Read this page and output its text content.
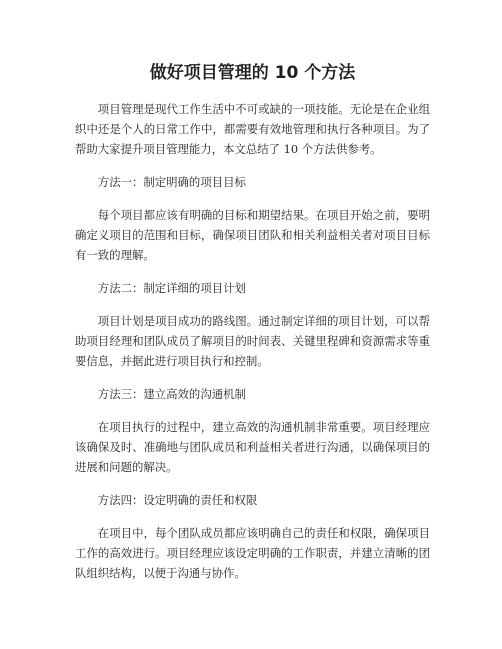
做好项目管理的 10 个方法

项目管理是现代工作生活中不可或缺的一项技能。无论是在企业组织中还是个人的日常工作中，都需要有效地管理和执行各种项目。为了帮助大家提升项目管理能力，本文总结了 10 个方法供参考。

方法一：制定明确的项目目标

每个项目都应该有明确的目标和期望结果。在项目开始之前，要明确定义项目的范围和目标，确保项目团队和相关利益相关者对项目目标有一致的理解。

方法二：制定详细的项目计划

项目计划是项目成功的路线图。通过制定详细的项目计划，可以帮助项目经理和团队成员了解项目的时间表、关键里程碑和资源需求等重要信息，并据此进行项目执行和控制。

方法三：建立高效的沟通机制

在项目执行的过程中，建立高效的沟通机制非常重要。项目经理应该确保及时、准确地与团队成员和利益相关者进行沟通，以确保项目的进展和问题的解决。

方法四：设定明确的责任和权限

在项目中，每个团队成员都应该明确自己的责任和权限，确保项目工作的高效进行。项目经理应该设定明确的工作职责，并建立清晰的团队组织结构，以便于沟通与协作。
